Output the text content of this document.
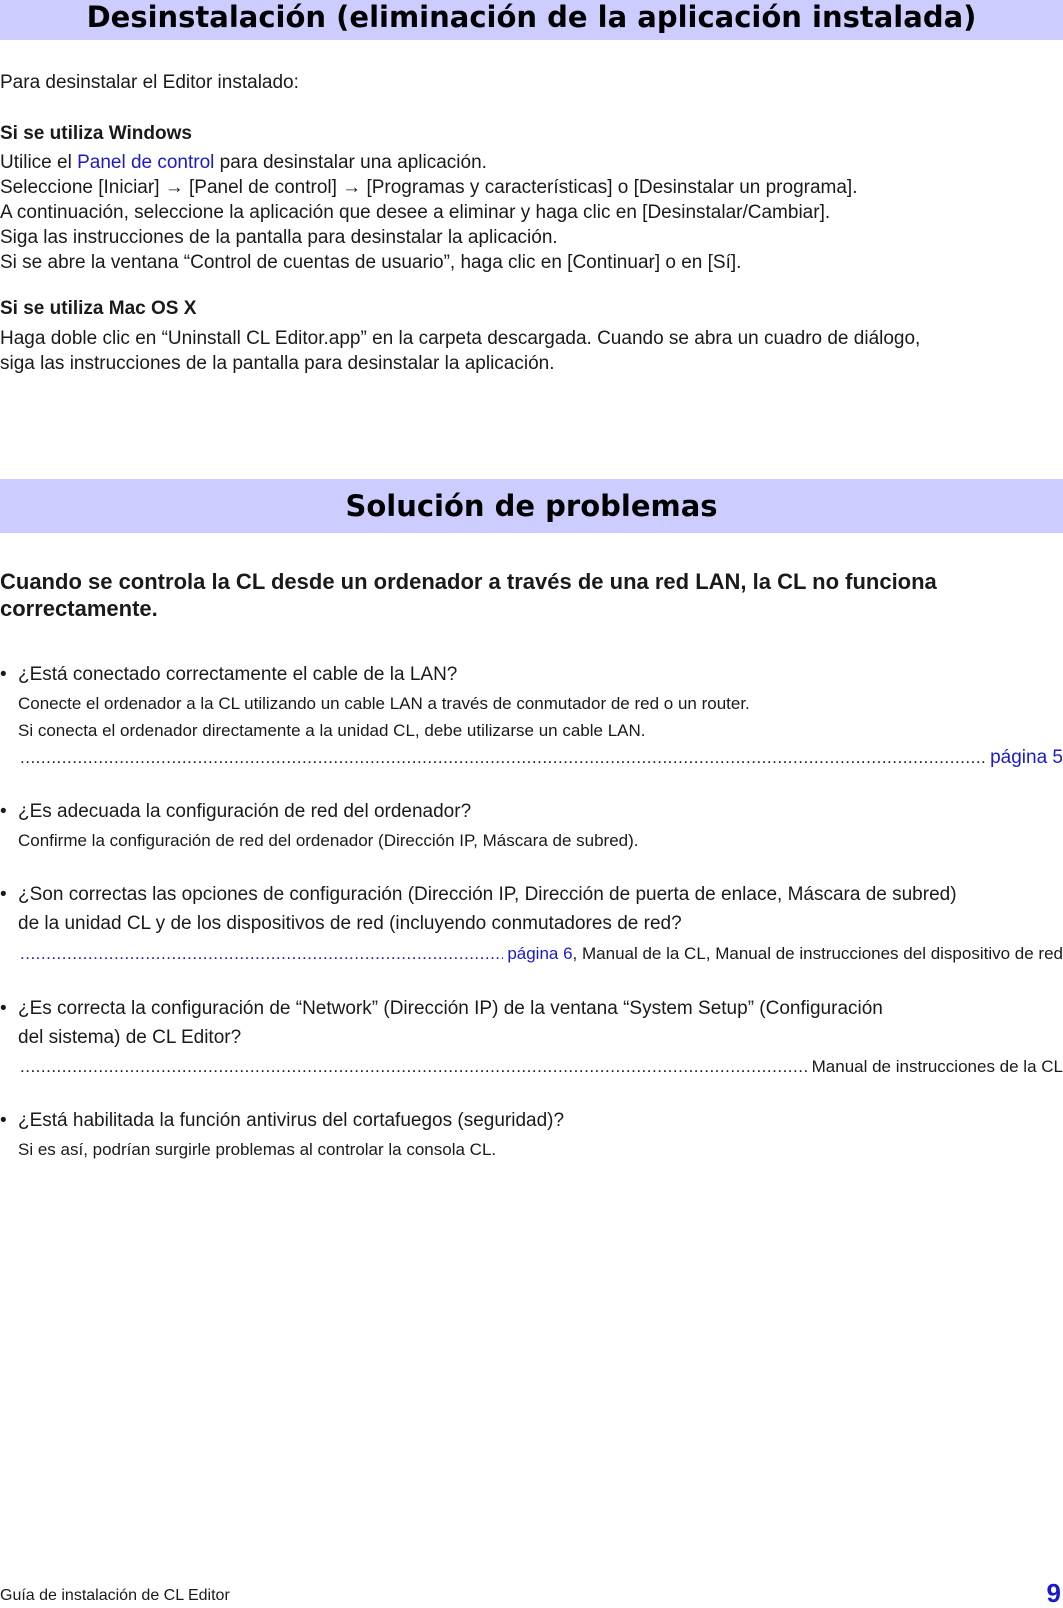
Desinstalación (eliminación de la aplicación instalada)
Para desinstalar el Editor instalado:
Si se utiliza Windows
Utilice el Panel de control para desinstalar una aplicación.
Seleccione [Iniciar] → [Panel de control] → [Programas y características] o [Desinstalar un programa].
A continuación, seleccione la aplicación que desee a eliminar y haga clic en [Desinstalar/Cambiar].
Siga las instrucciones de la pantalla para desinstalar la aplicación.
Si se abre la ventana “Control de cuentas de usuario”, haga clic en [Continuar] o en [Sí].
Si se utiliza Mac OS X
Haga doble clic en “Uninstall CL Editor.app” en la carpeta descargada. Cuando se abra un cuadro de diálogo,
siga las instrucciones de la pantalla para desinstalar la aplicación.
Solución de problemas
Cuando se controla la CL desde un ordenador a través de una red LAN, la CL no funciona
correctamente.
• ¿Está conectado correctamente el cable de la LAN?
Conecte el ordenador a la CL utilizando un cable LAN a través de conmutador de red o un router.
Si conecta el ordenador directamente a la unidad CL, debe utilizarse un cable LAN.
.....
página 5
• ¿Es adecuada la configuración de red del ordenador?
Confirme la configuración de red del ordenador (Dirección IP, Máscara de subred).
• ¿Son correctas las opciones de configuración (Dirección IP, Dirección de puerta de enlace, Máscara de subred)
de la unidad CL y de los dispositivos de red (incluyendo conmutadores de red?
.....
página 6 , Manual de la CL, Manual de instrucciones del dispositivo de red
• ¿Es correcta la configuración de “Network” (Dirección IP) de la ventana “System Setup” (Configuración
del sistema) de CL Editor?
.....
Manual de instrucciones de la CL
• ¿Está habilitada la función antivirus del cortafuegos (seguridad)?
Si es así, podrían surgirle problemas al controlar la consola CL.
Guía de instalación de CL Editor	9
